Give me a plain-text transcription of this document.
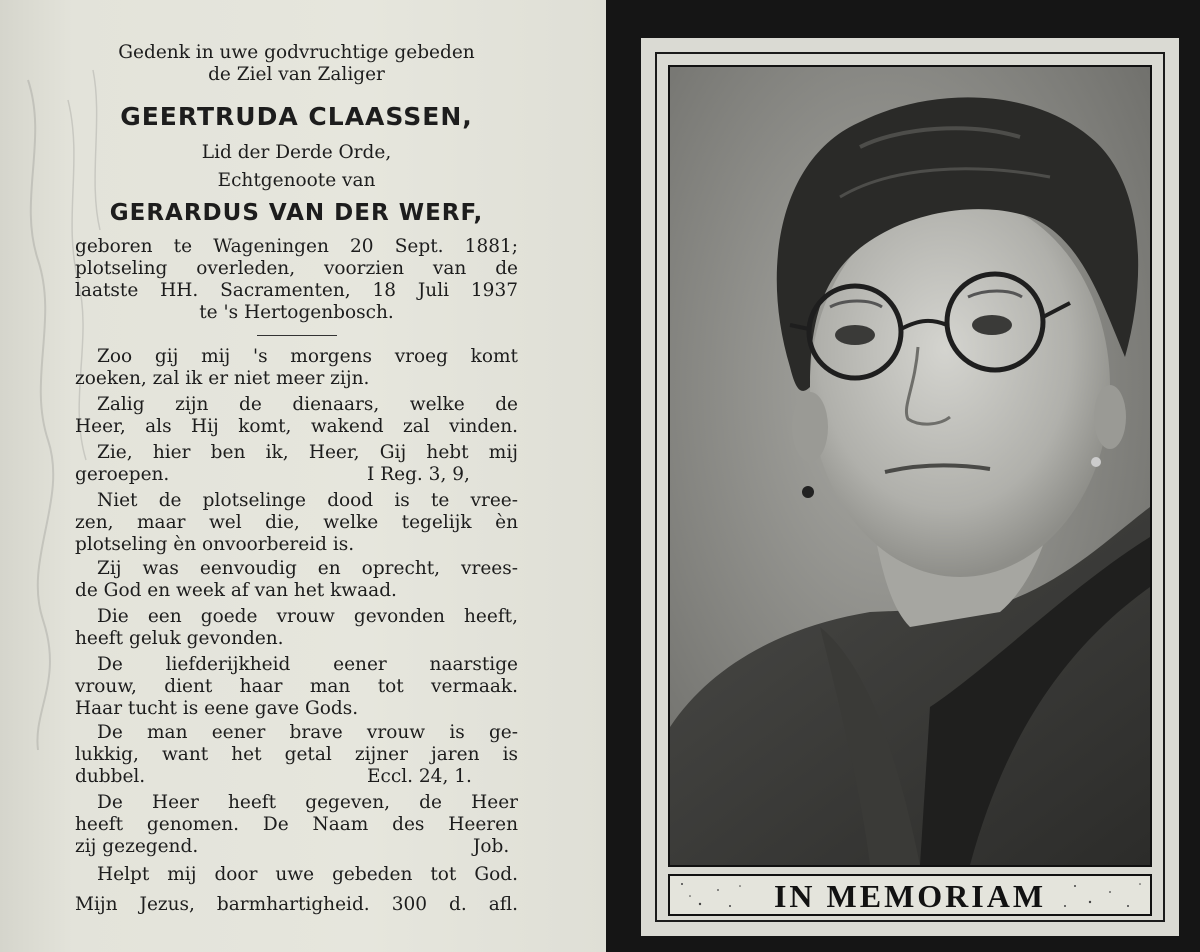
Gedenk in uwe godvruchtige gebeden
de Ziel van Zaliger
GEERTRUDA CLAASSEN,
Lid der Derde Orde,
Echtgenoote van
GERARDUS VAN DER WERF,
geboren te Wageningen 20 Sept. 1881;
plotseling overleden, voorzien van de
laatste HH. Sacramenten, 18 Juli 1937
te 's Hertogenbosch.
Zoo gij mij 's morgens vroeg komt
zoeken, zal ik er niet meer zijn.
Zalig zijn de dienaars, welke de
Heer, als Hij komt, wakend zal vinden.
Zie, hier ben ik, Heer, Gij hebt mij
geroepen.	I Reg. 3, 9,
Niet de plotselinge dood is te vree-
zen, maar wel die, welke tegelijk èn
plotseling èn onvoorbereid is.
Zij was eenvoudig en oprecht, vrees-
de God en week af van het kwaad.
Die een goede vrouw gevonden heeft,
heeft geluk gevonden.
De liefderijkheid eener naarstige
vrouw, dient haar man tot vermaak.
Haar tucht is eene gave Gods.
De man eener brave vrouw is ge-
lukkig, want het getal zijner jaren is
dubbel.	Eccl. 24, 1.
De Heer heeft gegeven, de Heer
heeft genomen. De Naam des Heeren
zij gezegend.	Job.
Helpt mij door uwe gebeden tot God.
Mijn Jezus, barmhartigheid. 300 d. afl.	IN MEMORIAM
